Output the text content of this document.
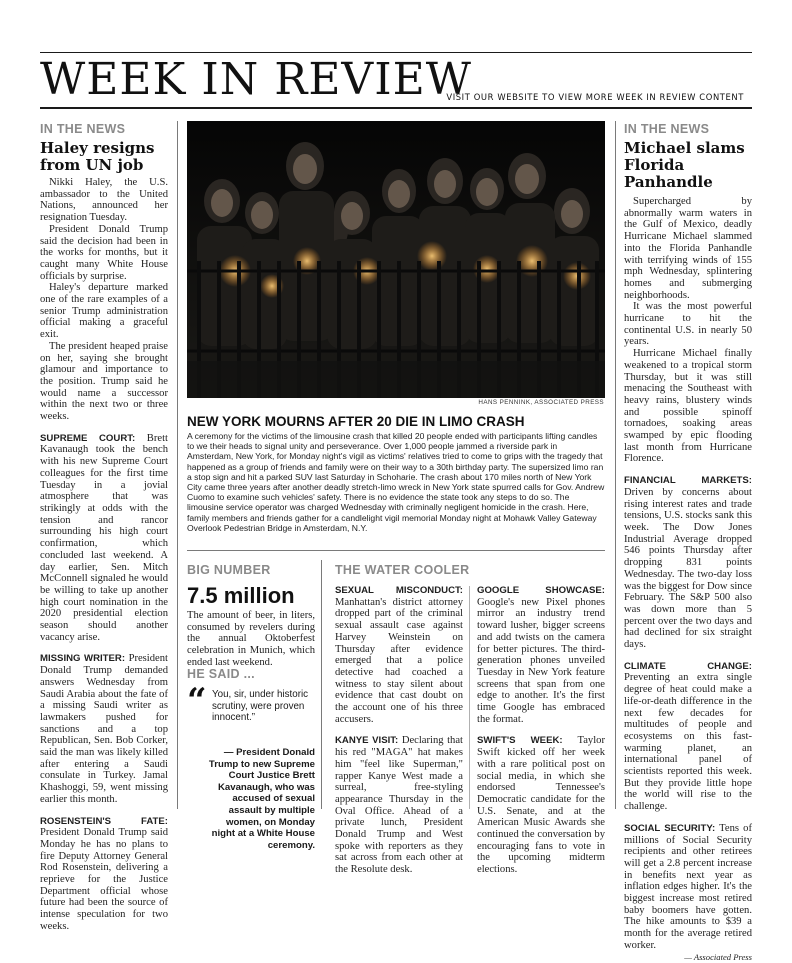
WEEK IN REVIEW
VISIT OUR WEBSITE TO VIEW MORE WEEK IN REVIEW CONTENT
IN THE NEWS
Haley resigns from UN job

Nikki Haley, the U.S. ambassador to the United Nations, announced her resignation Tuesday.

President Donald Trump said the decision had been in the works for months, but it caught many White House officials by surprise.

Haley's departure marked one of the rare examples of a senior Trump administration official making a graceful exit.

The president heaped praise on her, saying she brought glamour and importance to the position. Trump said he would name a successor within the next two or three weeks.

SUPREME COURT: Brett Kavanaugh took the bench with his new Supreme Court colleagues for the first time Tuesday in a jovial atmosphere that was strikingly at odds with the tension and rancor surrounding his high court confirmation, which concluded last weekend. A day earlier, Sen. Mitch McConnell signaled he would be willing to take up another high court nomination in the 2020 presidential election season should another vacancy arise.

MISSING WRITER: President Donald Trump demanded answers Wednesday from Saudi Arabia about the fate of a missing Saudi writer as lawmakers pushed for sanctions and a top Republican, Sen. Bob Corker, said the man was likely killed after entering a Saudi consulate in Turkey. Jamal Khashoggi, 59, went missing earlier this month.

ROSENSTEIN'S FATE: President Donald Trump said Monday he has no plans to fire Deputy Attorney General Rod Rosenstein, delivering a reprieve for the Justice Department official whose future had been the source of intense speculation for two weeks.

HANS PENNINK, ASSOCIATED PRESS
NEW YORK MOURNS AFTER 20 DIE IN LIMO CRASH
A ceremony for the victims of the limousine crash that killed 20 people ended with participants lifting candles to we their heads to signal unity and perseverance. Over 1,000 people jammed a riverside park in Amsterdam, New York, for Monday night's vigil as victims' relatives tried to come to grips with the tragedy that happened as a group of friends and family were on their way to a 30th birthday party. The supersized limo ran a stop sign and hit a parked SUV last Saturday in Schoharie. The crash about 170 miles north of New York City came three years after another deadly stretch-limo wreck in New York state spurred calls for Gov. Andrew Cuomo to examine such vehicles' safety. There is no evidence the state took any steps to do so. The limousine service operator was charged Wednesday with criminally negligent homicide in the crash. Here, family members and friends gather for a candlelight vigil memorial Monday night at Mohawk Valley Gateway Overlook Pedestrian Bridge in Amsterdam, N.Y.
BIG NUMBER
7.5 million
The amount of beer, in liters, consumed by revelers during the annual Oktoberfest celebration in Munich, which ended last weekend.
HE SAID ...
“ You, sir, under historic scrutiny, were proven innocent.”
— President Donald Trump to new Supreme Court Justice Brett Kavanaugh, who was accused of sexual assault by multiple women, on Monday night at a White House ceremony.
THE WATER COOLER

SEXUAL MISCONDUCT: Manhattan's district attorney dropped part of the criminal sexual assault case against Harvey Weinstein on Thursday after evidence emerged that a police detective had coached a witness to stay silent about evidence that cast doubt on the account one of his three accusers.

KANYE VISIT: Declaring that his red "MAGA" hat makes him "feel like Superman," rapper Kanye West made a surreal, free-styling appearance Thursday in the Oval Office. Ahead of a private lunch, President Donald Trump and West spoke with reporters as they sat across from each other at the Resolute desk.

GOOGLE SHOWCASE: Google's new Pixel phones mirror an industry trend toward lusher, bigger screens and add twists on the camera for better pictures. The third-generation phones unveiled Tuesday in New York feature screens that span from one edge to another. It's the first time Google has embraced the format.

SWIFT'S WEEK: Taylor Swift kicked off her week with a rare political post on social media, in which she endorsed Tennessee's Democratic candidate for the U.S. Senate, and at the American Music Awards she continued the conversation by encouraging fans to vote in the upcoming midterm elections.

IN THE NEWS
Michael slams Florida Panhandle

Supercharged by abnormally warm waters in the Gulf of Mexico, deadly Hurricane Michael slammed into the Florida Panhandle with terrifying winds of 155 mph Wednesday, splintering homes and submerging neighborhoods.

It was the most powerful hurricane to hit the continental U.S. in nearly 50 years.

Hurricane Michael finally weakened to a tropical storm Thursday, but it was still menacing the Southeast with heavy rains, blustery winds and possible spinoff tornadoes, soaking areas swamped by epic flooding last month from Hurricane Florence.

FINANCIAL MARKETS: Driven by concerns about rising interest rates and trade tensions, U.S. stocks sank this week. The Dow Jones Industrial Average dropped 546 points Thursday after dropping 831 points Wednesday. The two-day loss was the biggest for Dow since February. The S&P 500 also was down more than 5 percent over the two days and had declined for six straight days.

CLIMATE CHANGE: Preventing an extra single degree of heat could make a life-or-death difference in the next few decades for multitudes of people and ecosystems on this fast-warming planet, an international panel of scientists reported this week. But they provide little hope the world will rise to the challenge.

SOCIAL SECURITY: Tens of millions of Social Security recipients and other retirees will get a 2.8 percent increase in benefits next year as inflation edges higher. It's the biggest increase most retired baby boomers have gotten. The hike amounts to $39 a month for the average retired worker.

— Associated Press
